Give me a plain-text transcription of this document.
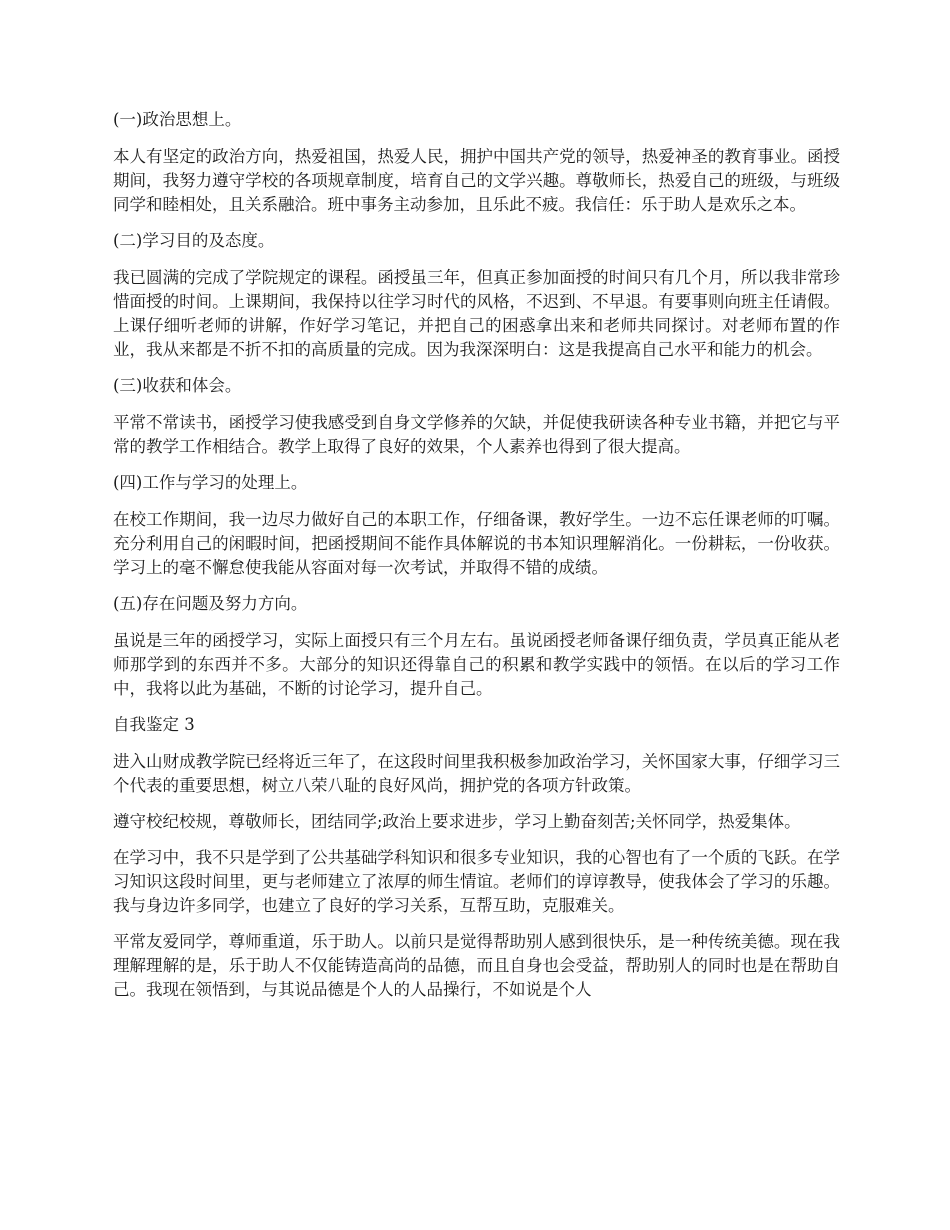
(一)政治思想上。

本人有坚定的政治方向，热爱祖国，热爱人民，拥护中国共产党的领导，热爱神圣的教育事业。函授期间，我努力遵守学校的各项规章制度，培育自己的文学兴趣。尊敬师长，热爱自己的班级，与班级同学和睦相处，且关系融洽。班中事务主动参加，且乐此不疲。我信任：乐于助人是欢乐之本。

(二)学习目的及态度。

我已圆满的完成了学院规定的课程。函授虽三年，但真正参加面授的时间只有几个月，所以我非常珍惜面授的时间。上课期间，我保持以往学习时代的风格，不迟到、不早退。有要事则向班主任请假。上课仔细听老师的讲解，作好学习笔记，并把自己的困惑拿出来和老师共同探讨。对老师布置的作业，我从来都是不折不扣的高质量的完成。因为我深深明白：这是我提高自己水平和能力的机会。

(三)收获和体会。

平常不常读书，函授学习使我感受到自身文学修养的欠缺，并促使我研读各种专业书籍，并把它与平常的教学工作相结合。教学上取得了良好的效果，个人素养也得到了很大提高。

(四)工作与学习的处理上。

在校工作期间，我一边尽力做好自己的本职工作，仔细备课，教好学生。一边不忘任课老师的叮嘱。充分利用自己的闲暇时间，把函授期间不能作具体解说的书本知识理解消化。一份耕耘，一份收获。学习上的毫不懈怠使我能从容面对每一次考试，并取得不错的成绩。

(五)存在问题及努力方向。

虽说是三年的函授学习，实际上面授只有三个月左右。虽说函授老师备课仔细负责，学员真正能从老师那学到的东西并不多。大部分的知识还得靠自己的积累和教学实践中的领悟。在以后的学习工作中，我将以此为基础，不断的讨论学习，提升自己。

自我鉴定 3

进入山财成教学院已经将近三年了，在这段时间里我积极参加政治学习，关怀国家大事，仔细学习三个代表的重要思想，树立八荣八耻的良好风尚，拥护党的各项方针政策。

遵守校纪校规，尊敬师长，团结同学;政治上要求进步，学习上勤奋刻苦;关怀同学，热爱集体。

在学习中，我不只是学到了公共基础学科知识和很多专业知识，我的心智也有了一个质的飞跃。在学习知识这段时间里，更与老师建立了浓厚的师生情谊。老师们的谆谆教导，使我体会了学习的乐趣。我与身边许多同学，也建立了良好的学习关系，互帮互助，克服难关。

平常友爱同学，尊师重道，乐于助人。以前只是觉得帮助别人感到很快乐，是一种传统美德。现在我理解理解的是，乐于助人不仅能铸造高尚的品德，而且自身也会受益，帮助别人的同时也是在帮助自己。我现在领悟到，与其说品德是个人的人品操行，不如说是个人
